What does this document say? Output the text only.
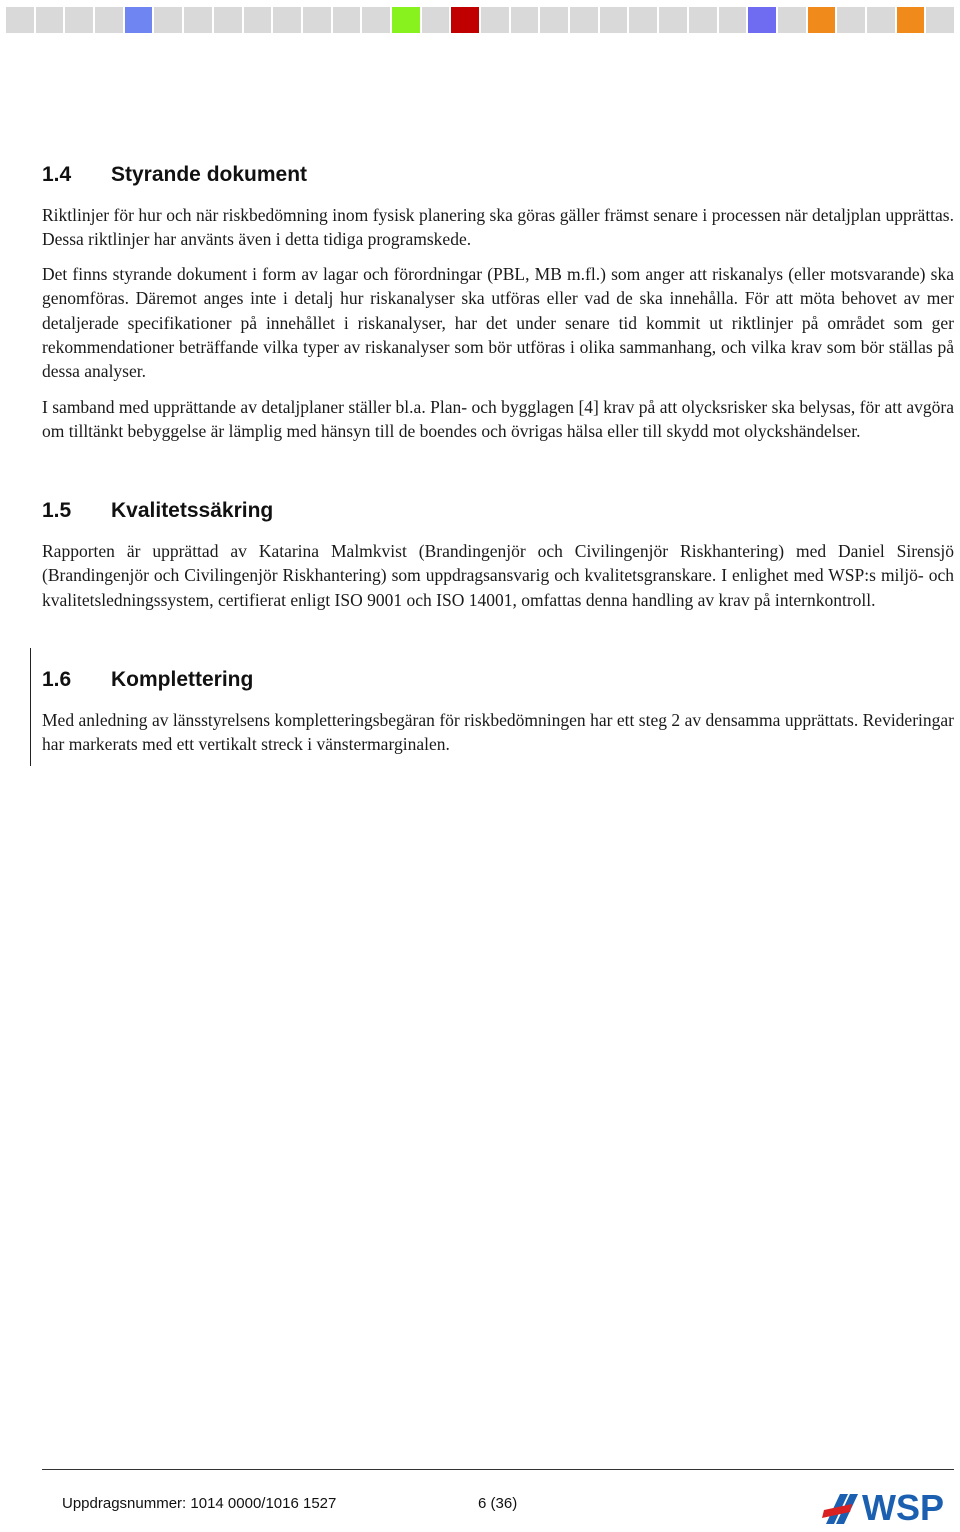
1.4 Styrande dokument

Riktlinjer för hur och när riskbedömning inom fysisk planering ska göras gäller främst senare i processen när detaljplan upprättas. Dessa riktlinjer har använts även i detta tidiga programskede.

Det finns styrande dokument i form av lagar och förordningar (PBL, MB m.fl.) som anger att riskanalys (eller motsvarande) ska genomföras. Däremot anges inte i detalj hur riskanalyser ska utföras eller vad de ska innehålla. För att möta behovet av mer detaljerade specifikationer på innehållet i riskanalyser, har det under senare tid kommit ut riktlinjer på området som ger rekommendationer beträffande vilka typer av riskanalyser som bör utföras i olika sammanhang, och vilka krav som bör ställas på dessa analyser.

I samband med upprättande av detaljplaner ställer bl.a. Plan- och bygglagen [4] krav på att olycksrisker ska belysas, för att avgöra om tilltänkt bebyggelse är lämplig med hänsyn till de boendes och övrigas hälsa eller till skydd mot olyckshändelser.

1.5 Kvalitetssäkring

Rapporten är upprättad av Katarina Malmkvist (Brandingenjör och Civilingenjör Riskhantering) med Daniel Sirensjö (Brandingenjör och Civilingenjör Riskhantering) som uppdragsansvarig och kvalitetsgranskare. I enlighet med WSP:s miljö- och kvalitetsledningssystem, certifierat enligt ISO 9001 och ISO 14001, omfattas denna handling av krav på internkontroll.

1.6 Komplettering

Med anledning av länsstyrelsens kompletteringsbegäran för riskbedömningen har ett steg 2 av densamma upprättats. Revideringar har markerats med ett vertikalt streck i vänstermarginalen.

Uppdragsnummer: 1014 0000/1016 1527	6 (36)	WSP
